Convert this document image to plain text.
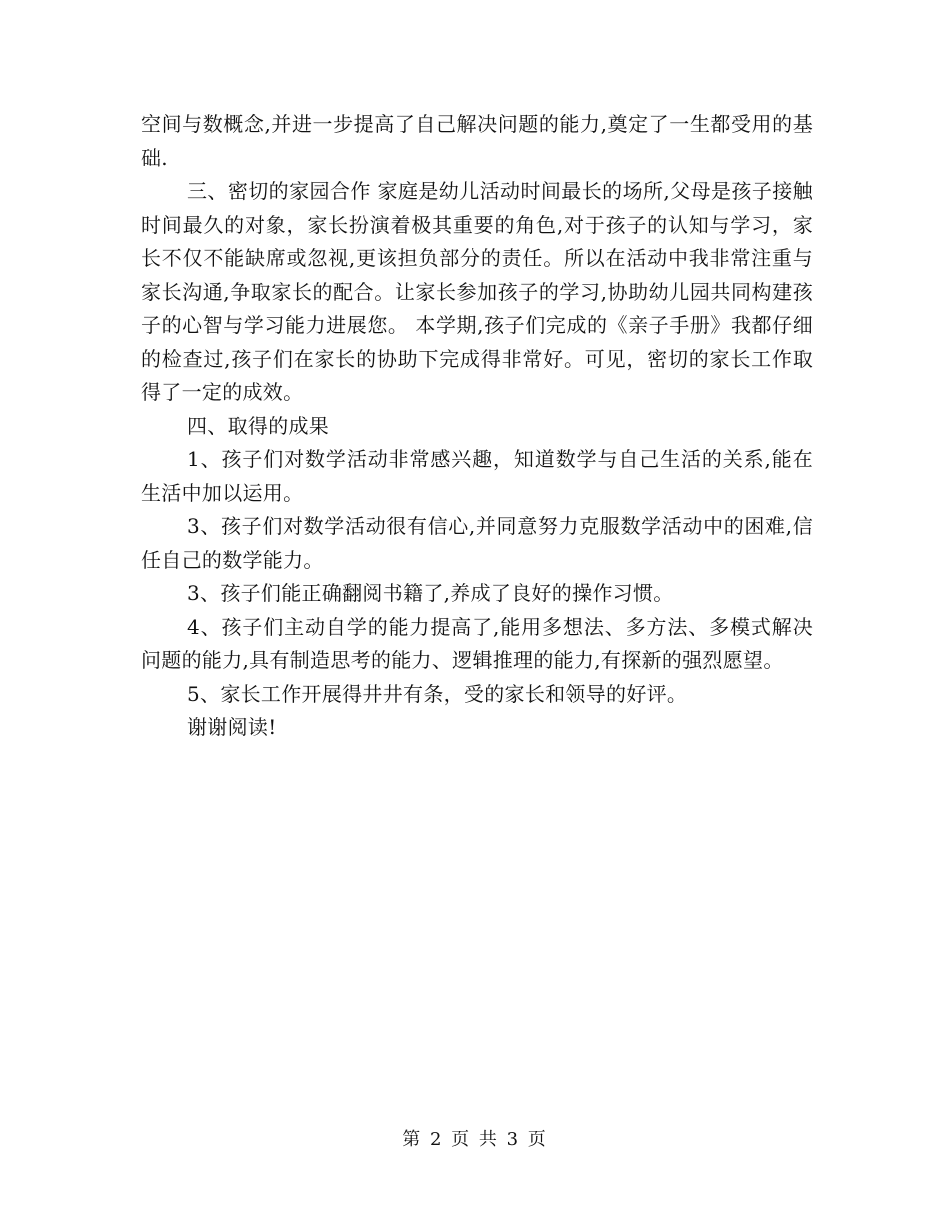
空间与数概念,并进一步提高了自己解决问题的能力,奠定了一生都受用的基础.

三、密切的家园合作 家庭是幼儿活动时间最长的场所,父母是孩子接触时间最久的对象，家长扮演着极其重要的角色,对于孩子的认知与学习，家长不仅不能缺席或忽视,更该担负部分的责任。所以在活动中我非常注重与家长沟通,争取家长的配合。让家长参加孩子的学习,协助幼儿园共同构建孩子的心智与学习能力进展您。 本学期,孩子们完成的《亲子手册》我都仔细的检查过,孩子们在家长的协助下完成得非常好。可见，密切的家长工作取得了一定的成效。

四、取得的成果

1、孩子们对数学活动非常感兴趣，知道数学与自己生活的关系,能在生活中加以运用。

3、孩子们对数学活动很有信心,并同意努力克服数学活动中的困难,信任自己的数学能力。

3、孩子们能正确翻阅书籍了,养成了良好的操作习惯。

4、孩子们主动自学的能力提高了,能用多想法、多方法、多模式解决问题的能力,具有制造思考的能力、逻辑推理的能力,有探新的强烈愿望。

5、家长工作开展得井井有条，受的家长和领导的好评。

谢谢阅读!

第 2 页 共 3 页
